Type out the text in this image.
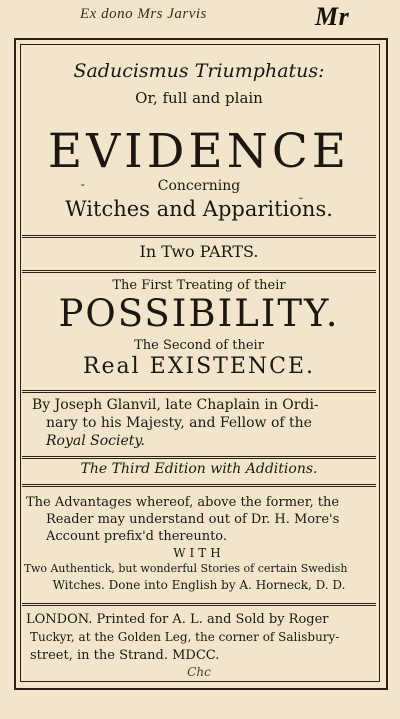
Ex dono Mrs Jarvis	Mr
Saducismus Triumphatus:
Or, full and plain
EVIDENCE
ˇ	Concerning	˷
Witches and Apparitions.
In Two PARTS.
The First Treating of their
POSSIBILITY.
The Second of their
Real EXISTENCE.
By Joseph Glanvil, late Chaplain in Ordi-
nary to his Majesty, and Fellow of the
Royal Society.
The Third Edition with Additions.
The Advantages whereof, above the former, the
Reader may understand out of Dr. H. More's
Account prefix'd thereunto.
WITH
Two Authentick, but wonderful Stories of certain Swedish
Witches. Done into English by A. Horneck, D. D.
LONDON. Printed for A. L. and Sold by Roger
Tuckyr, at the Golden Leg, the corner of Salisbury-
street, in the Strand. MDCC.
Chc
